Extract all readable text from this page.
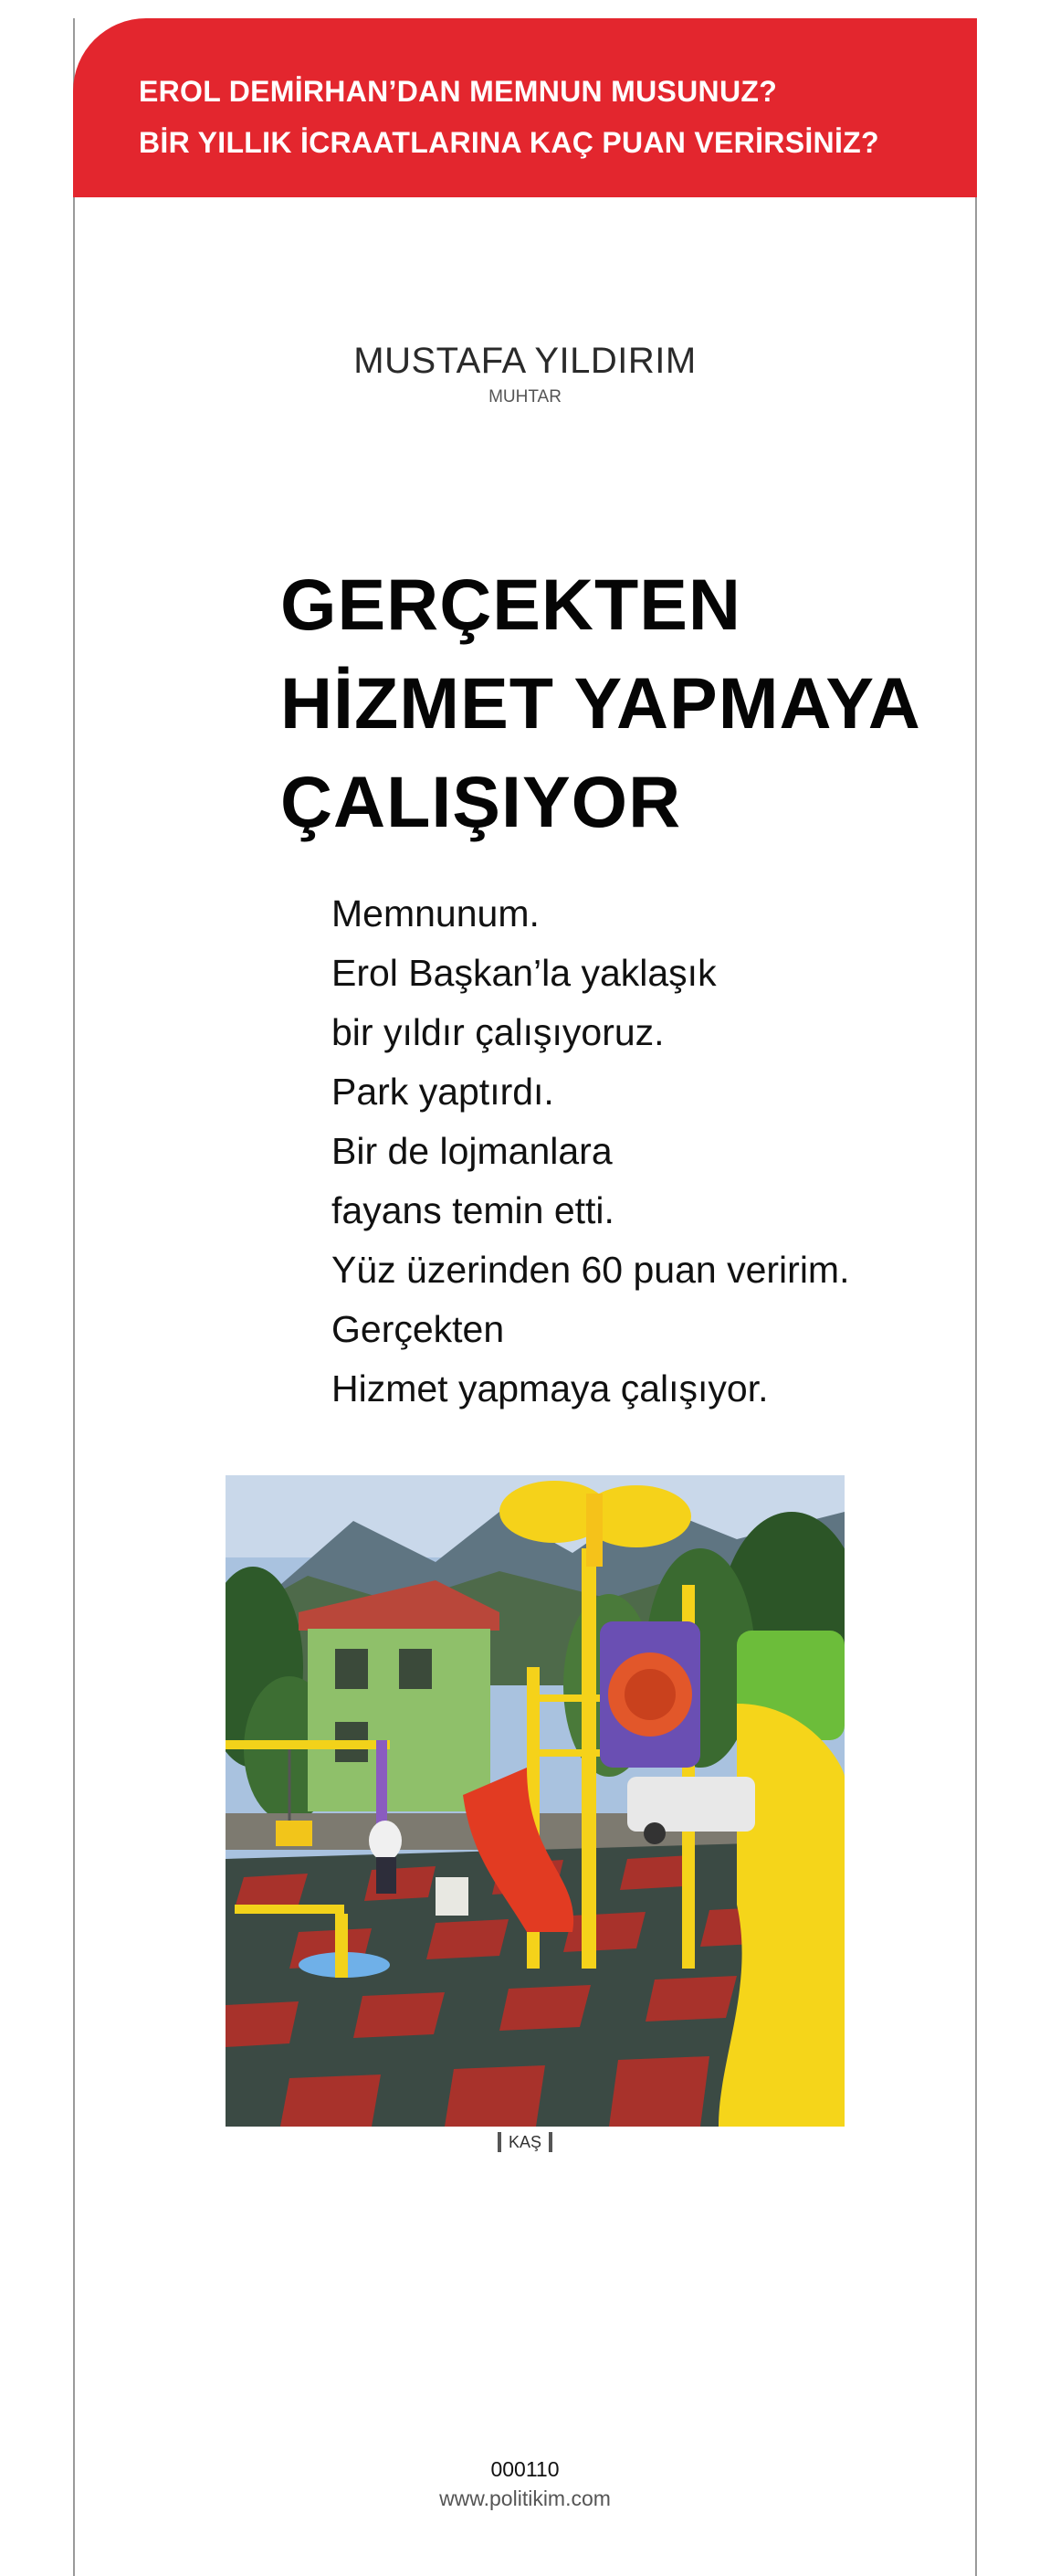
EROL DEMİRHAN’DAN MEMNUN MUSUNUZ?
BİR YILLIK İCRAATLARINA KAÇ PUAN VERİRSİNİZ?
MUSTAFA YILDIRIM
MUHTAR
GERÇEKTEN
HİZMET YAPMAYA
ÇALIŞIYOR
Memnunum.
Erol Başkan’la yaklaşık
bir yıldır çalışıyoruz.
Park yaptırdı.
Bir de lojmanlara
fayans temin etti.
Yüz üzerinden 60 puan veririm.
Gerçekten
Hizmet yapmaya çalışıyor.
KAŞ
000110
www.politikim.com
